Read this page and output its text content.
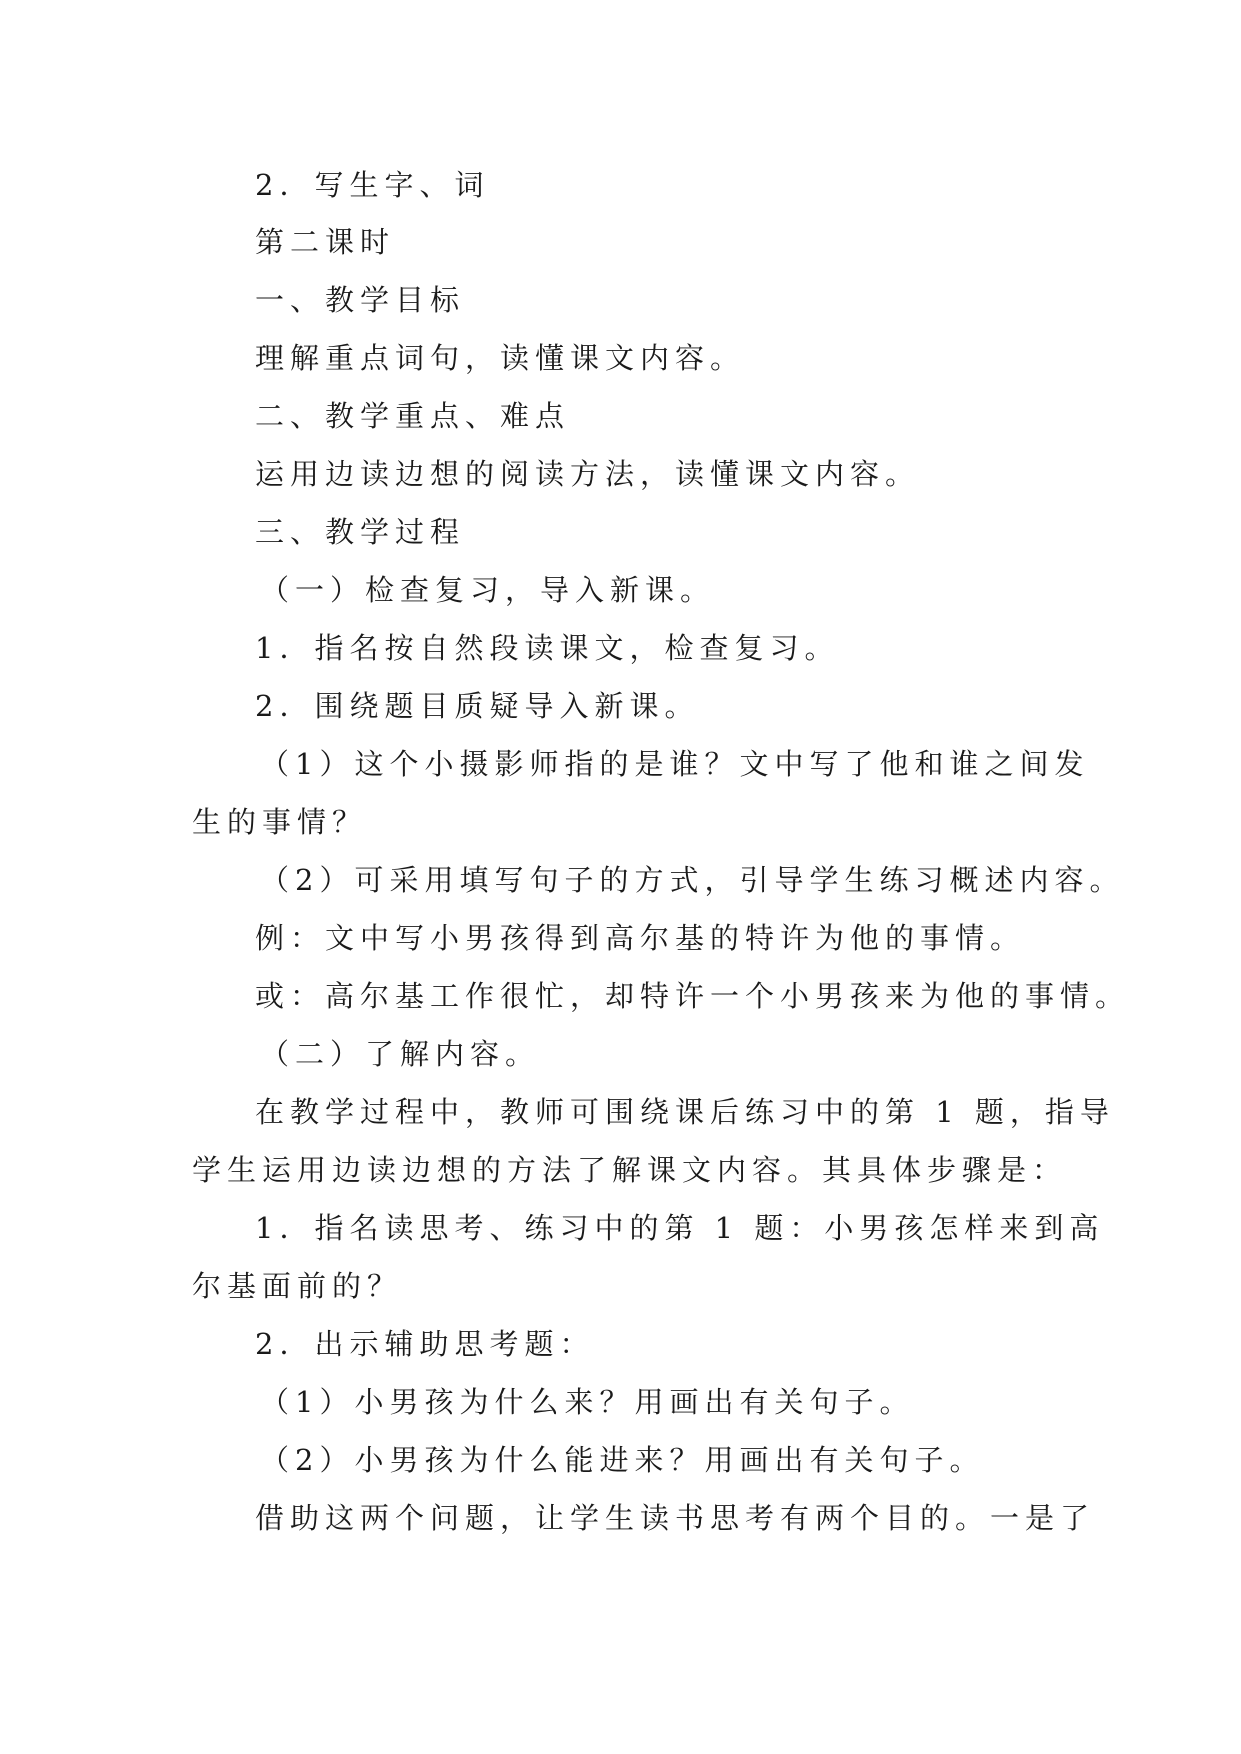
2．写生字、词
第二课时
一、教学目标
理解重点词句，读懂课文内容。
二、教学重点、难点
运用边读边想的阅读方法，读懂课文内容。
三、教学过程
（一）检查复习，导入新课。
1．指名按自然段读课文，检查复习。
2．围绕题目质疑导入新课。
（1）这个小摄影师指的是谁？文中写了他和谁之间发
生的事情？
（2）可采用填写句子的方式，引导学生练习概述内容。
例：文中写小男孩得到高尔基的特许为他的事情。
或：高尔基工作很忙，却特许一个小男孩来为他的事情。
（二）了解内容。
在教学过程中，教师可围绕课后练习中的第 1 题，指导
学生运用边读边想的方法了解课文内容。其具体步骤是：
1．指名读思考、练习中的第 1 题：小男孩怎样来到高
尔基面前的？
2．出示辅助思考题：
（1）小男孩为什么来？用画出有关句子。
（2）小男孩为什么能进来？用画出有关句子。
借助这两个问题，让学生读书思考有两个目的。一是了
